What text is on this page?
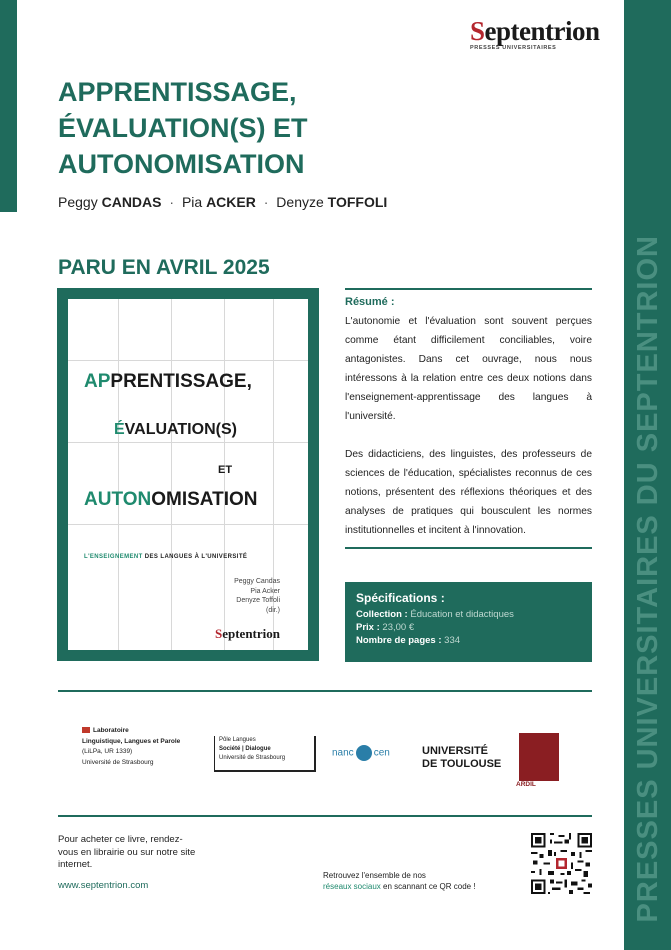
PRESSES UNIVERSITAIRES DU SEPTENTRION
Septentrion
PRESSES UNIVERSITAIRES
APPRENTISSAGE,
ÉVALUATION(S) ET
AUTONOMISATION
Peggy CANDAS · Pia ACKER · Denyze TOFFOLI
PARU EN AVRIL 2025
APPRENTISSAGE,
ÉVALUATION(S)
ET
AUTONOMISATION
L'ENSEIGNEMENT DES LANGUES À L'UNIVERSITÉ
Peggy Candas
Pia Acker
Denyze Toffoli
(dir.)
Septentrion
Résumé :

L'autonomie et l'évaluation sont souvent perçues comme étant difficilement conciliables, voire antagonistes. Dans cet ouvrage, nous nous intéressons à la relation entre ces deux notions dans l'enseignement-apprentissage des langues à l'université.

Des didacticiens, des linguistes, des professeurs de sciences de l'éducation, spécialistes reconnus de ces notions, présentent des réflexions théoriques et des analyses de pratiques qui bousculent les normes institutionnelles et incitent à l'innovation.

Spécifications :
Collection : Éducation et didactiques
Prix : 23,00 €
Nombre de pages : 334
Laboratoire
Linguistique, Langues et Parole
(LiLPa, UR 1339)
Université de Strasbourg
Pôle Langues
Société | Dialogue
Université de Strasbourg	nanc cen	UNIVERSITÉ
DE TOULOUSE
ARDIL
Pour acheter ce livre, rendez-vous en librairie ou sur notre site internet.
www.septentrion.com
Retrouvez l'ensemble de nos
réseaux sociaux en scannant ce QR code !
